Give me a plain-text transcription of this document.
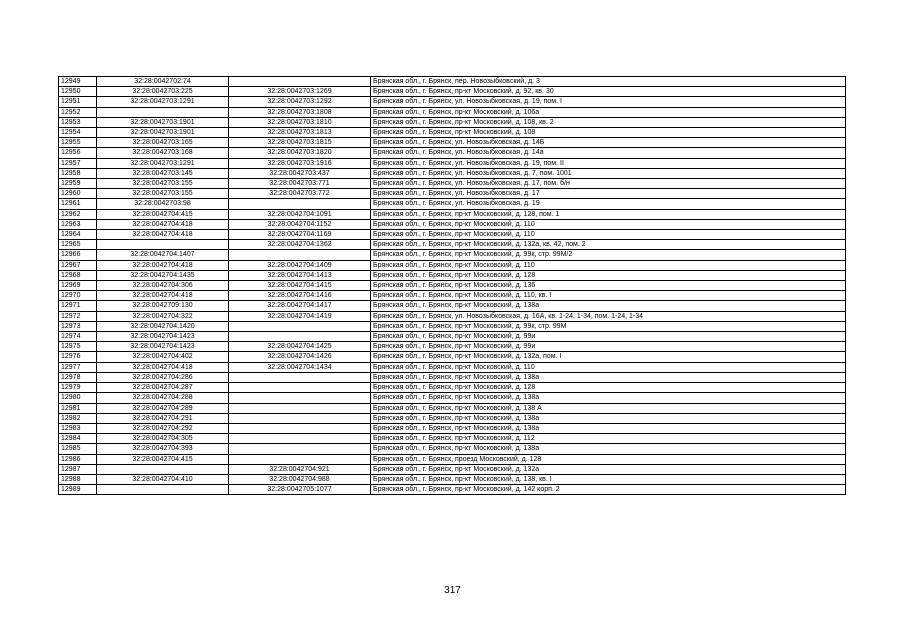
12949	32:28:0042702:74		Брянская обл., г. Брянск, пер. Новозыбковский, д. 3
12950	32:28:0042703:225	32:28:0042703:1269	Брянская обл., г. Брянск, пр-кт Московский, д. 92, кв. 30
12951	32:28:0042703:1291	32:28:0042703:1292	Брянская обл., г. Брянск, ул. Новозыбковская, д. 19, пом. I
12952		32:28:0042703:1808	Брянская обл., г. Брянск, пр-кт Московский, д. 106а
12953	32:28:0042703:1901	32:28:0042703:1810	Брянская обл., г. Брянск, пр-кт Московский, д. 108, кв. 2
12954	32:28:0042703:1901	32:28:0042703:1813	Брянская обл., г. Брянск, пр-кт Московский, д. 108
12955	32:28:0042703:165	32:28:0042703:1815	Брянская обл., г. Брянск, ул. Новозыбковская, д. 14Б
12956	32:28:0042703:168	32:28:0042703:1820	Брянская обл., г. Брянск, ул. Новозыбковская, д. 14а
12957	32:28:0042703:1291	32:28:0042703:1916	Брянская обл., г. Брянск, ул. Новозыбковская, д. 19, пом. II
12958	32:28:0042703:145	32:28:0042703:437	Брянская обл., г. Брянск, ул. Новозыбковская, д. 7, пом. 1001
12959	32:28:0042703:155	32:28:0042703:771	Брянская обл., г. Брянск, ул. Новозыбковская, д. 17, пом. б/н
12960	32:28:0042703:155	32:28:0042703:772	Брянская обл., г. Брянск, ул. Новозыбковская, д. 17
12961	32:28:0042703:98		Брянская обл., г. Брянск, ул. Новозыбковская, д. 19
12962	32:28:0042704:415	32:28:0042704:1091	Брянская обл., г. Брянск, пр-кт Московский, д. 128, пом. 1
12963	32:28:0042704:418	32:28:0042704:1152	Брянская обл., г. Брянск, пр-кт Московский, д. 110
12964	32:28:0042704:418	32:28:0042704:1169	Брянская обл., г. Брянск, пр-кт Московский, д. 110
12965		32:28:0042704:1362	Брянская обл., г. Брянск, пр-кт Московский, д. 132а, кв. 42, пом. 2
12966	32:28:0042704:1407		Брянская обл., г. Брянск, пр-кт Московский, д. 99к, стр. 99М/2
12967	32:28:0042704:418	32:28:0042704:1409	Брянская обл., г. Брянск, пр-кт Московский, д. 110
12968	32:28:0042704:1435	32:28:0042704:1413	Брянская обл., г. Брянск, пр-кт Московский, д. 128
12969	32:28:0042704:306	32:28:0042704:1415	Брянская обл., г. Брянск, пр-кт Московский, д. 136
12970	32:28:0042704:418	32:28:0042704:1416	Брянская обл., г. Брянск, пр-кт Московский, д. 110, кв. I
12971	32:28:0042709:130	32:28:0042704:1417	Брянская обл., г. Брянск, пр-кт Московский, д. 138а
12972	32:28:0042704:322	32:28:0042704:1419	Брянская обл., г. Брянск, ул. Новозыбковская, д. 16А, кв. 1-24, 1-34, пом. 1-24, 1-34
12973	32:28:0042704:1420		Брянская обл., г. Брянск, пр-кт Московский, д. 99к, стр. 99М
12974	32:28:0042704:1423		Брянская обл., г. Брянск, пр-кт Московский, д. 99и
12975	32:28:0042704:1423	32:28:0042704:1425	Брянская обл., г. Брянск, пр-кт Московский, д. 99и
12976	32:28:0042704:402	32:28:0042704:1426	Брянская обл., г. Брянск, пр-кт Московский, д. 132а, пом. I
12977	32:28:0042704:418	32:28:0042704:1434	Брянская обл., г. Брянск, пр-кт Московский, д. 110
12978	32:28:0042704:286		Брянская обл., г. Брянск, пр-кт Московский, д. 138а
12979	32:28:0042704:287		Брянская обл., г. Брянск, пр-кт Московский, д. 128
12980	32:28:0042704:288		Брянская обл., г. Брянск, пр-кт Московский, д. 138а
12981	32:28:0042704:289		Брянская обл., г. Брянск, пр-кт Московский, д. 138 А
12982	32:28:0042704:291		Брянская обл., г. Брянск, пр-кт Московский, д. 138а
12983	32:28:0042704:292		Брянская обл., г. Брянск, пр-кт Московский, д. 138а
12984	32:28:0042704:305		Брянская обл., г. Брянск, пр-кт Московский, д. 112
12985	32:28:0042704:393		Брянская обл., г. Брянск, пр-кт Московский, д. 138а
12986	32:28:0042704:415		Брянская обл., г. Брянск, проезд Московский, д. 128
12987		32:28:0042704:921	Брянская обл., г. Брянск, пр-кт Московский, д. 132а
12988	32:28:0042704:410	32:28:0042704:988	Брянская обл., г. Брянск, пр-кт Московский, д. 138, кв. I
12989		32:28:0042705:1077	Брянская обл., г. Брянск, пр-кт Московский, д. 142 корп. 2
317
